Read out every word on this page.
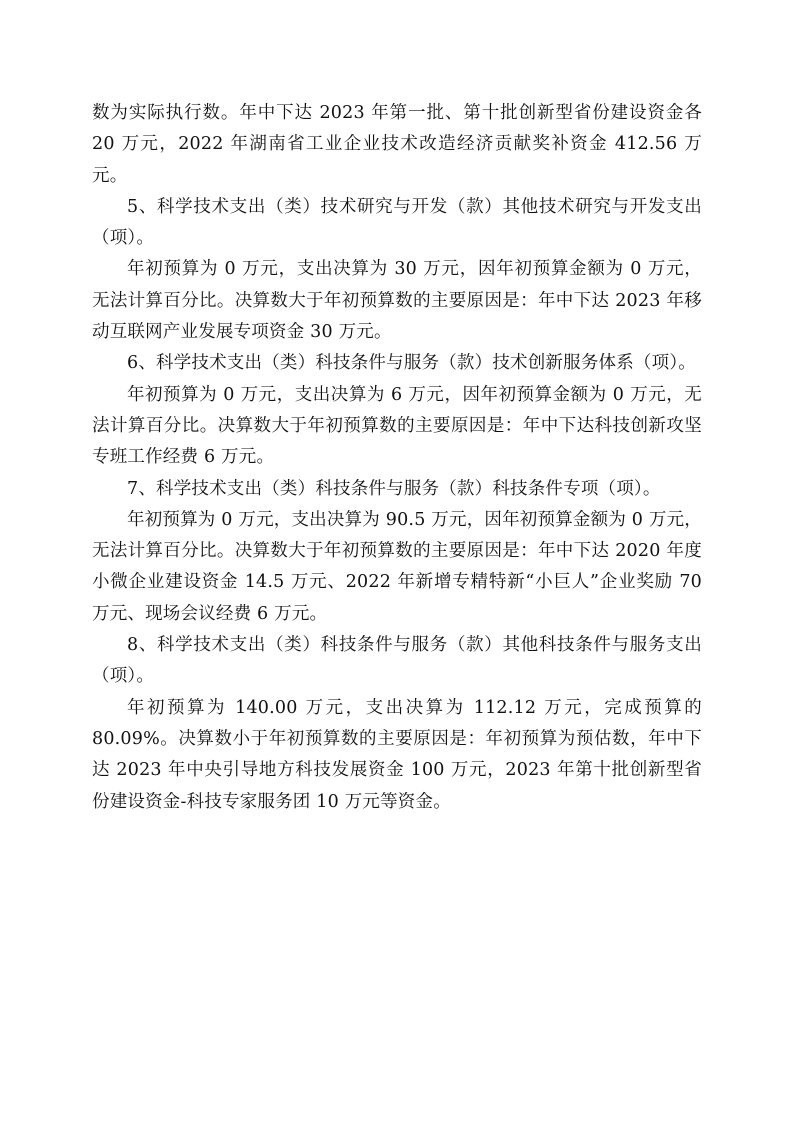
数为实际执行数。年中下达 2023 年第一批、第十批创新型省份建设资金各 20 万元，2022 年湖南省工业企业技术改造经济贡献奖补资金 412.56 万元。

5、科学技术支出（类）技术研究与开发（款）其他技术研究与开发支出（项）。

年初预算为 0 万元，支出决算为 30 万元，因年初预算金额为 0 万元，无法计算百分比。决算数大于年初预算数的主要原因是：年中下达 2023 年移动互联网产业发展专项资金 30 万元。

6、科学技术支出（类）科技条件与服务（款）技术创新服务体系（项）。

年初预算为 0 万元，支出决算为 6 万元，因年初预算金额为 0 万元，无法计算百分比。决算数大于年初预算数的主要原因是：年中下达科技创新攻坚专班工作经费 6 万元。

7、科学技术支出（类）科技条件与服务（款）科技条件专项（项）。

年初预算为 0 万元，支出决算为 90.5 万元，因年初预算金额为 0 万元，无法计算百分比。决算数大于年初预算数的主要原因是：年中下达 2020 年度小微企业建设资金 14.5 万元、2022 年新增专精特新“小巨人”企业奖励 70 万元、现场会议经费 6 万元。

8、科学技术支出（类）科技条件与服务（款）其他科技条件与服务支出（项）。

年初预算为 140.00 万元，支出决算为 112.12 万元，完成预算的 80.09%。决算数小于年初预算数的主要原因是：年初预算为预估数，年中下达 2023 年中央引导地方科技发展资金 100 万元，2023 年第十批创新型省份建设资金-科技专家服务团 10 万元等资金。
